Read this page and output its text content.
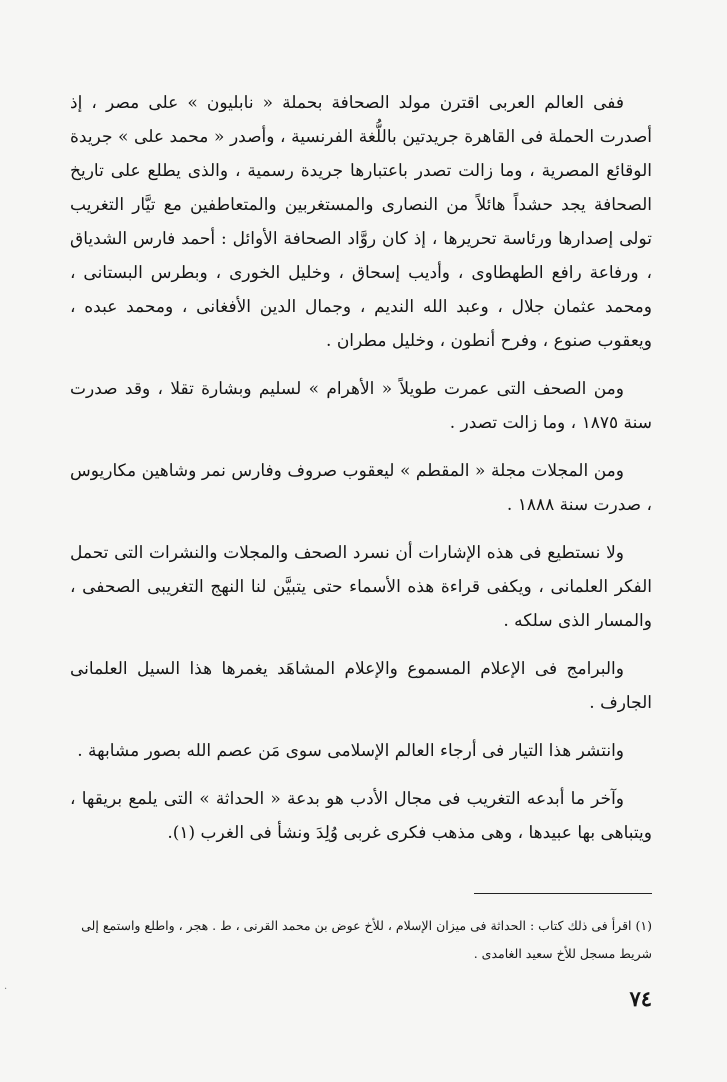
ففى العالم العربى اقترن مولد الصحافة بحملة « نابليون » على مصر ، إذ أصدرت الحملة فى القاهرة جريدتين باللُّغة الفرنسية ، وأصدر « محمد على » جريدة الوقائع المصرية ، وما زالت تصدر باعتبارها جريدة رسمية ، والذى يطلع على تاريخ الصحافة يجد حشداً هائلاً من النصارى والمستغربين والمتعاطفين مع تيَّار التغريب تولى إصدارها ورئاسة تحريرها ، إذ كان روَّاد الصحافة الأوائل : أحمد فارس الشدياق ، ورفاعة رافع الطهطاوى ، وأديب إسحاق ، وخليل الخورى ، وبطرس البستانى ، ومحمد عثمان جلال ، وعبد الله النديم ، وجمال الدين الأفغانى ، ومحمد عبده ، ويعقوب صنوع ، وفرح أنطون ، وخليل مطران .

ومن الصحف التى عمرت طويلاً « الأهرام » لسليم وبشارة تقلا ، وقد صدرت سنة ١٨٧٥ ، وما زالت تصدر .

ومن المجلات مجلة « المقطم » ليعقوب صروف وفارس نمر وشاهين مكاريوس ، صدرت سنة ١٨٨٨ .

ولا نستطيع فى هذه الإشارات أن نسرد الصحف والمجلات والنشرات التى تحمل الفكر العلمانى ، ويكفى قراءة هذه الأسماء حتى يتبيَّن لنا النهج التغريبى الصحفى ، والمسار الذى سلكه .

والبرامج فى الإعلام المسموع والإعلام المشاهَد يغمرها هذا السيل العلمانى الجارف .

وانتشر هذا التيار فى أرجاء العالم الإسلامى سوى مَن عصم الله بصور مشابهة .

وآخر ما أبدعه التغريب فى مجال الأدب هو بدعة « الحداثة » التى يلمع بريقها ، ويتباهى بها عبيدها ، وهى مذهب فكرى غربى وُلِدَ ونشأ فى الغرب (١).

(١) اقرأ فى ذلك كتاب : الحداثة فى ميزان الإسلام ، للأخ عوض بن محمد القرنى ، ط . هجر ، واطلع واستمع إلى شريط مسجل للأخ سعيد الغامدى .

٧٤
.
